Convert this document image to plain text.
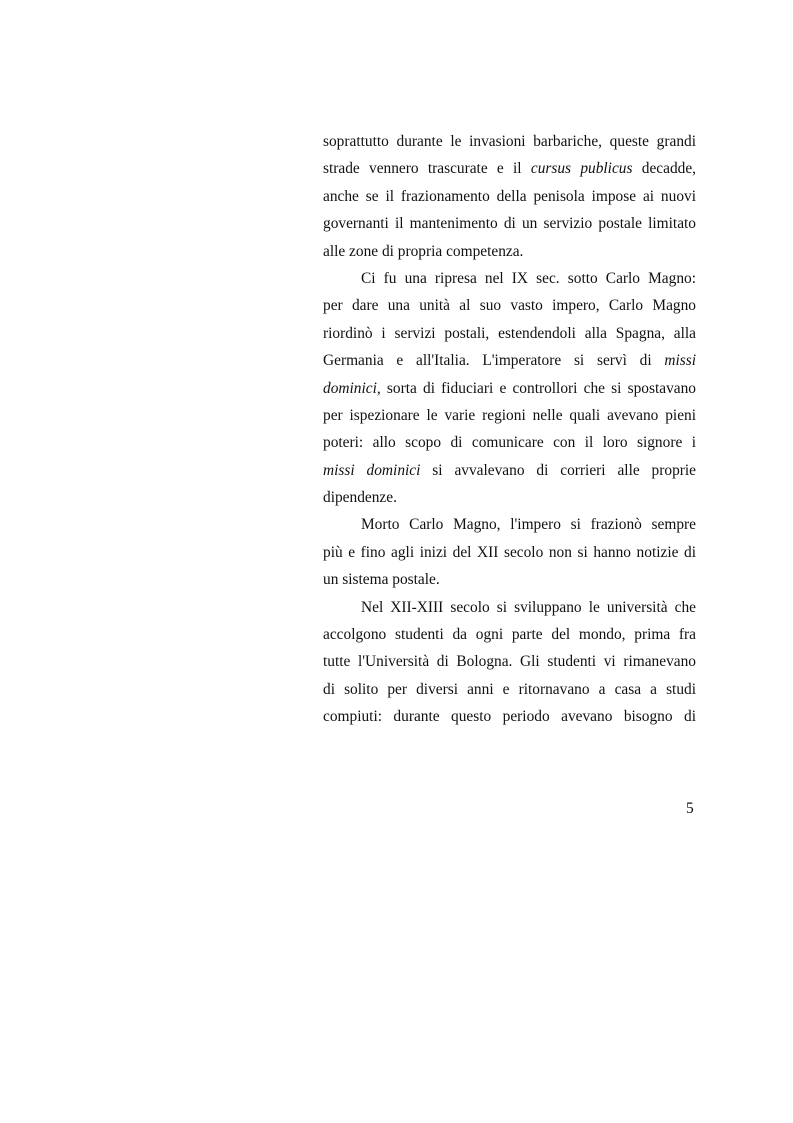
soprattutto durante le invasioni barbariche, queste grandi
strade vennero trascurate e il cursus publicus decadde,
anche se il frazionamento della penisola impose ai nuovi
governanti il mantenimento di un servizio postale limitato
alle zone di propria competenza.
Ci fu una ripresa nel IX sec. sotto Carlo Magno:
per dare una unità al suo vasto impero, Carlo Magno
riordinò i servizi postali, estendendoli alla Spagna, alla
Germania e all'Italia. L'imperatore si servì di missi
dominici, sorta di fiduciari e controllori che si spostavano
per ispezionare le varie regioni nelle quali avevano pieni
poteri: allo scopo di comunicare con il loro signore i
missi dominici si avvalevano di corrieri alle proprie
dipendenze.
Morto Carlo Magno, l'impero si frazionò sempre
più e fino agli inizi del XII secolo non si hanno notizie di
un sistema postale.
Nel XII-XIII secolo si sviluppano le università che
accolgono studenti da ogni parte del mondo, prima fra
tutte l'Università di Bologna. Gli studenti vi rimanevano
di solito per diversi anni e ritornavano a casa a studi
compiuti: durante questo periodo avevano bisogno di
5
